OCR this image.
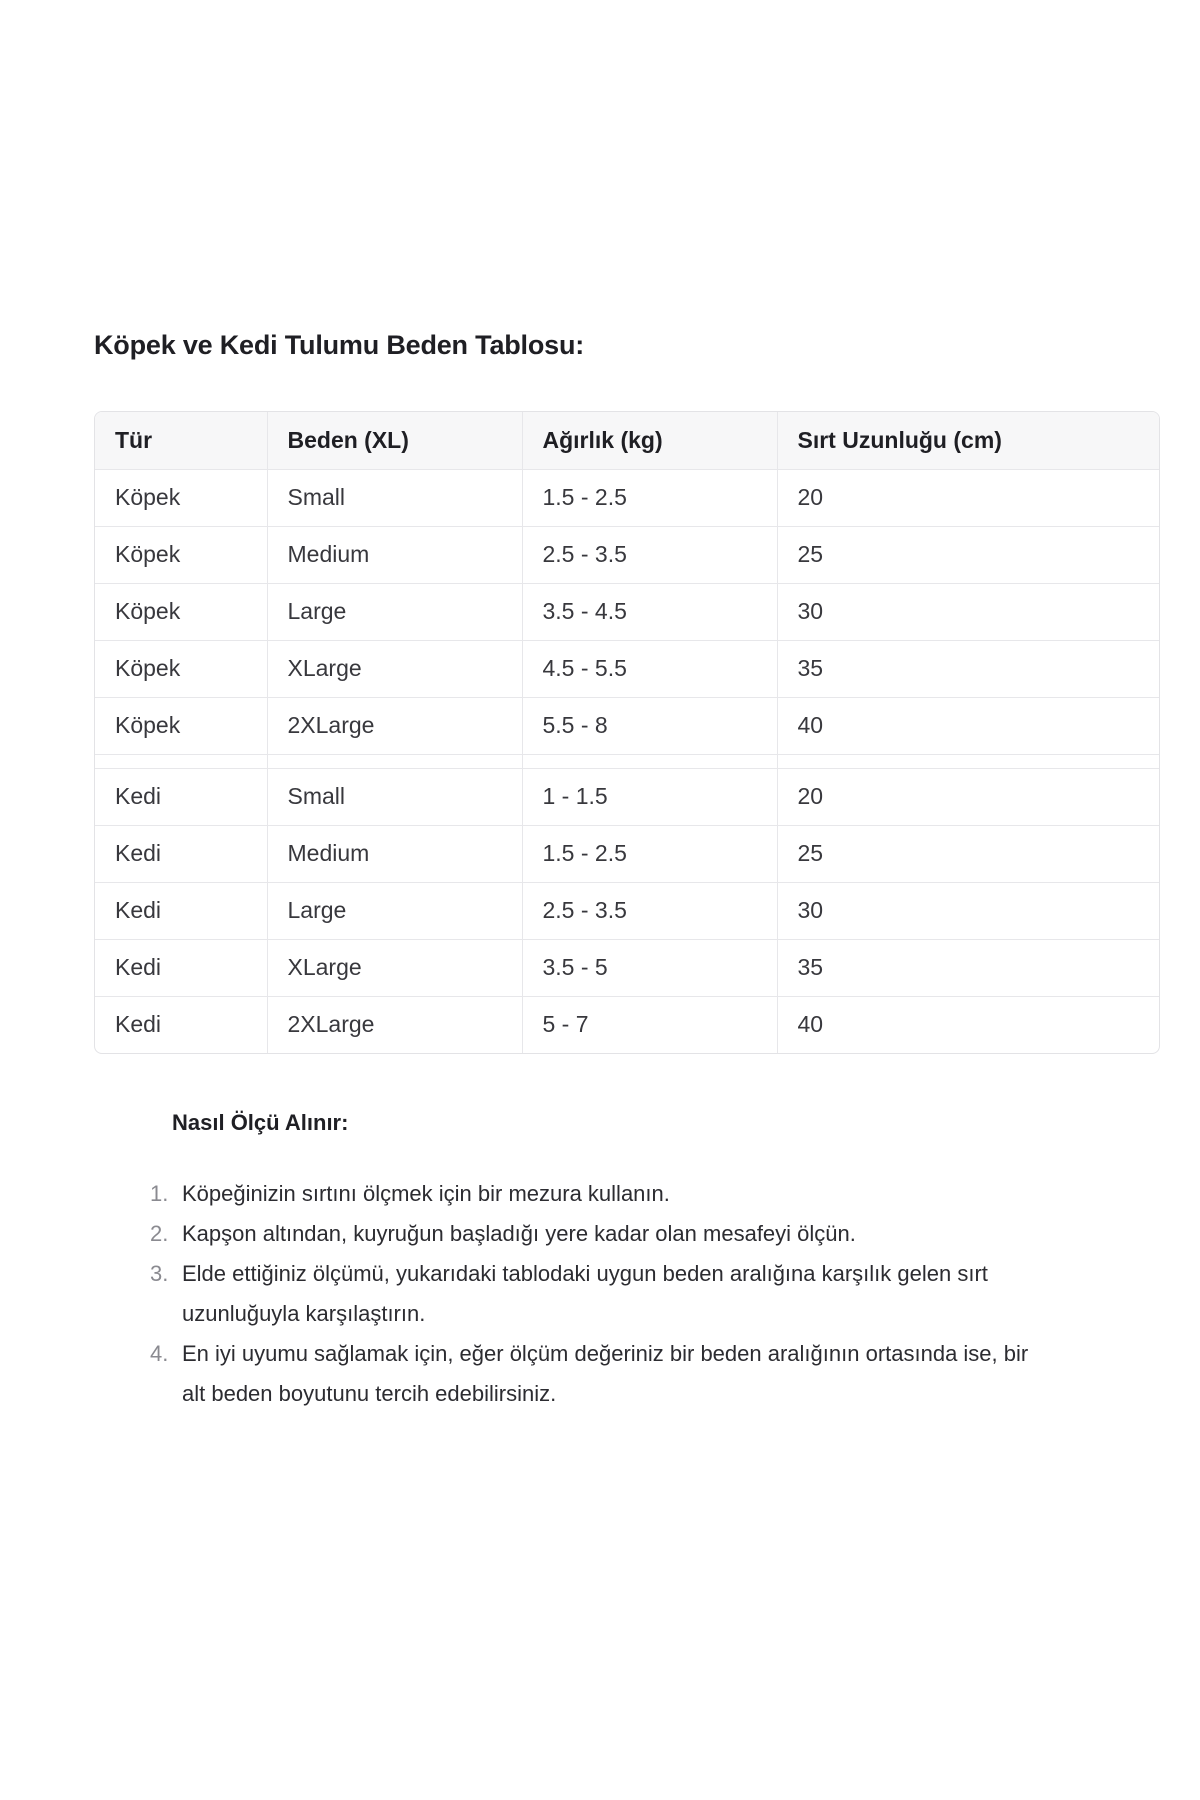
Köpek ve Kedi Tulumu Beden Tablosu:
Tür	Beden (XL)	Ağırlık (kg)	Sırt Uzunluğu (cm)
Köpek	Small	1.5 - 2.5	20
Köpek	Medium	2.5 - 3.5	25
Köpek	Large	3.5 - 4.5	30
Köpek	XLarge	4.5 - 5.5	35
Köpek	2XLarge	5.5 - 8	40

Kedi	Small	1 - 1.5	20
Kedi	Medium	1.5 - 2.5	25
Kedi	Large	2.5 - 3.5	30
Kedi	XLarge	3.5 - 5	35
Kedi	2XLarge	5 - 7	40
Nasıl Ölçü Alınır:
1. Köpeğinizin sırtını ölçmek için bir mezura kullanın.
2. Kapşon altından, kuyruğun başladığı yere kadar olan mesafeyi ölçün.
3. Elde ettiğiniz ölçümü, yukarıdaki tablodaki uygun beden aralığına karşılık gelen sırt uzunluğuyla karşılaştırın.
4. En iyi uyumu sağlamak için, eğer ölçüm değeriniz bir beden aralığının ortasında ise, bir alt beden boyutunu tercih edebilirsiniz.
